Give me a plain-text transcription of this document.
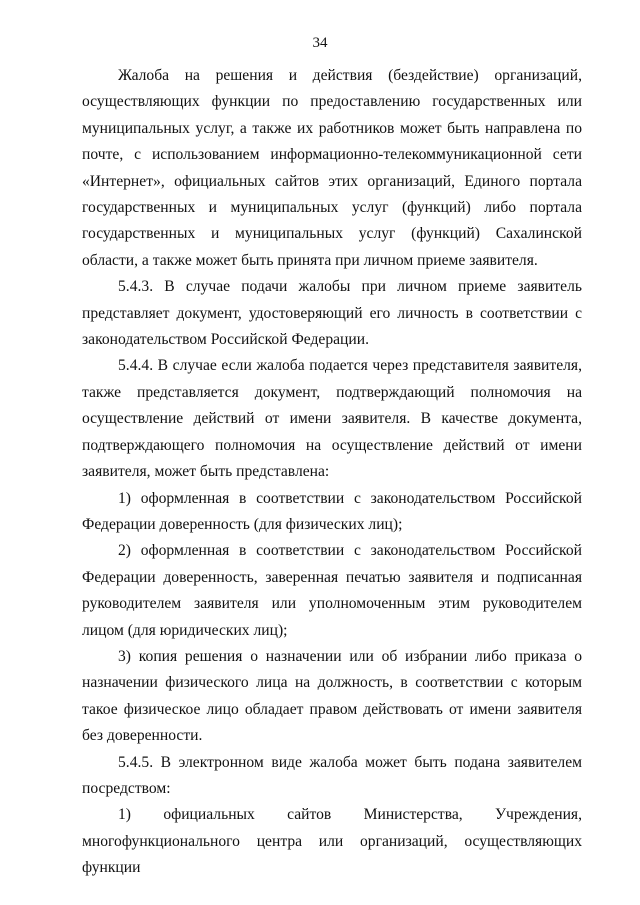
34

Жалоба на решения и действия (бездействие) организаций, осуществляющих функции по предоставлению государственных или муниципальных услуг, а также их работников может быть направлена по почте, с использованием информационно-телекоммуникационной сети «Интернет», официальных сайтов этих организаций, Единого портала государственных и муниципальных услуг (функций) либо портала государственных и муниципальных услуг (функций) Сахалинской области, а также может быть принята при личном приеме заявителя.

5.4.3. В случае подачи жалобы при личном приеме заявитель представляет документ, удостоверяющий его личность в соответствии с законодательством Российской Федерации.

5.4.4. В случае если жалоба подается через представителя заявителя, также представляется документ, подтверждающий полномочия на осуществление действий от имени заявителя. В качестве документа, подтверждающего полномочия на осуществление действий от имени заявителя, может быть представлена:

1) оформленная в соответствии с законодательством Российской Федерации доверенность (для физических лиц);

2) оформленная в соответствии с законодательством Российской Федерации доверенность, заверенная печатью заявителя и подписанная руководителем заявителя или уполномоченным этим руководителем лицом (для юридических лиц);

3) копия решения о назначении или об избрании либо приказа о назначении физического лица на должность, в соответствии с которым такое физическое лицо обладает правом действовать от имени заявителя без доверенности.

5.4.5. В электронном виде жалоба может быть подана заявителем посредством:

1) официальных сайтов Министерства, Учреждения, многофункционального центра или организаций, осуществляющих функции
